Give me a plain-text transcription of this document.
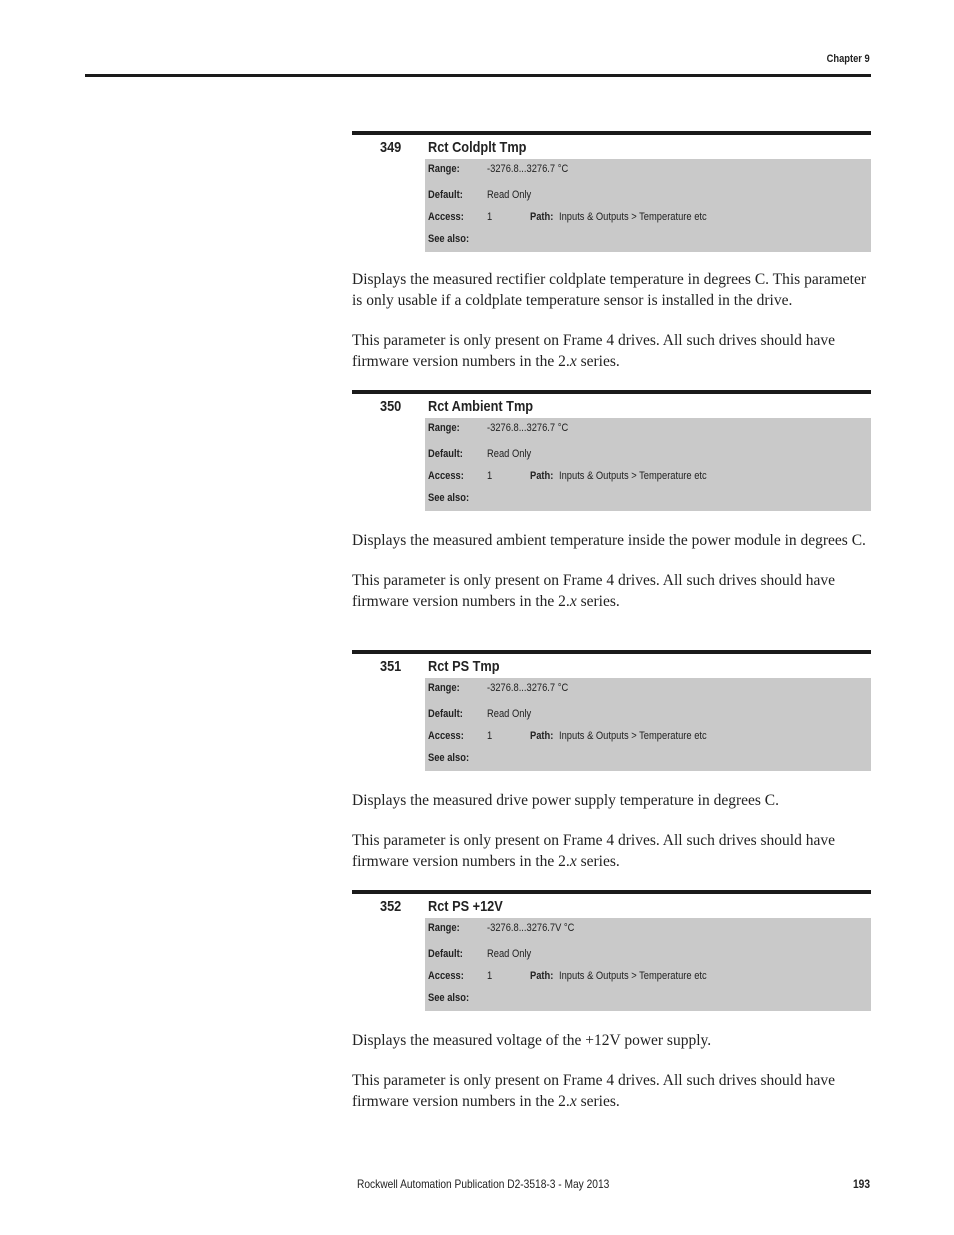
Chapter 9
349 Rct Coldplt Tmp
Range: -3276.8...3276.7 °C
Default: Read Only
Access: 1	Path: Inputs & Outputs > Temperature etc
See also:

Displays the measured rectifier coldplate temperature in degrees C. This parameter is only usable if a coldplate temperature sensor is installed in the drive.

This parameter is only present on Frame 4 drives. All such drives should have firmware version numbers in the 2.x series.

350 Rct Ambient Tmp
Range: -3276.8...3276.7 °C
Default: Read Only
Access: 1	Path: Inputs & Outputs > Temperature etc
See also:

Displays the measured ambient temperature inside the power module in degrees C.

This parameter is only present on Frame 4 drives. All such drives should have firmware version numbers in the 2.x series.

351 Rct PS Tmp
Range: -3276.8...3276.7 °C
Default: Read Only
Access: 1	Path: Inputs & Outputs > Temperature etc
See also:

Displays the measured drive power supply temperature in degrees C.

This parameter is only present on Frame 4 drives. All such drives should have firmware version numbers in the 2.x series.

352 Rct PS +12V
Range: -3276.8...3276.7V °C
Default: Read Only
Access: 1	Path: Inputs & Outputs > Temperature etc
See also:

Displays the measured voltage of the +12V power supply.

This parameter is only present on Frame 4 drives. All such drives should have firmware version numbers in the 2.x series.

Rockwell Automation Publication D2-3518-3 - May 2013	193
